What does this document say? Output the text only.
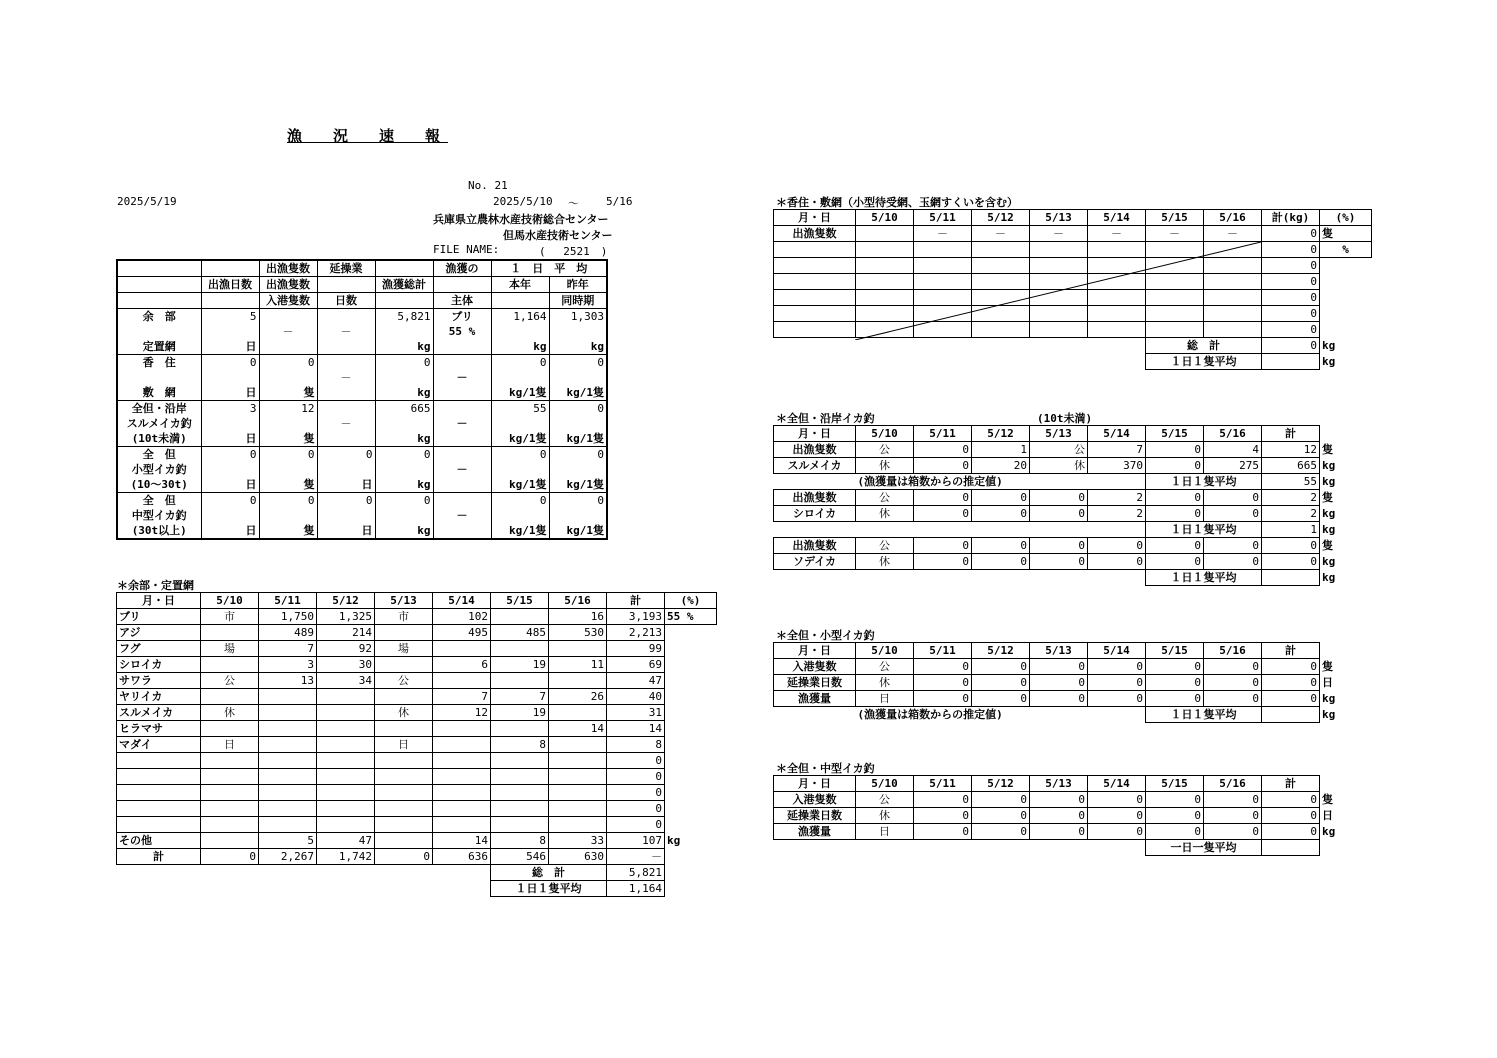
漁　況　速　報
No. 21
2025/5/19	2025/5/10 ～ 5/16
兵庫県立農林水産技術総合センター
但馬水産技術センター
FILE NAME:	(　 2521　)
		出漁隻数	延操業		漁獲の	１　日　平　均	
	出漁日数	出漁隻数		漁獲総計		本年	昨年
		入港隻数	日数		主体		同時期
余　部	5			5,821	ブリ	1,164	1,303
		－	－		55 %		
定置網	日			kg		kg	kg
香　住	0	0		0		0	0
			－		－		
敷　網	日	隻		kg		kg/1隻	kg/1隻
全但・沿岸	3	12		665		55	0
スルメイカ釣			－		－		
(10t未満)	日	隻		kg		kg/1隻	kg/1隻
全　但	0	0	0	0		0	0
小型イカ釣					－		
(10～30t)	日	隻	日	kg		kg/1隻	kg/1隻
全　但	0	0	0	0		0	0
中型イカ釣					－		
(30t以上)	日	隻	日	kg		kg/1隻	kg/1隻
＊余部・定置網
月・日	5/10	5/11	5/12	5/13	5/14	5/15	5/16	計	(%)
ブリ	市	1,750	1,325	市	102		16	3,193	55 %
アジ		489	214		495	485	530	2,213	
フグ	場	7	92	場				99	
シロイカ		3	30		6	19	11	69	
サワラ	公	13	34	公				47	
ヤリイカ					7	7	26	40	
スルメイカ	休			休	12	19		31	
ヒラマサ							14	14	
マダイ	日			日		8		8	
								0	
								0	
								0	
								0	
								0	
その他		5	47		14	8	33	107	kg
計	0	2,267	1,742	0	636	546	630	－	
						総　計		5,821	
						１日１隻平均		1,164	
＊香住・敷網（小型待受網、玉網すくいを含む）
月・日	5/10	5/11	5/12	5/13	5/14	5/15	5/16	計(kg)	(%)
出漁隻数		－	－	－	－	－	－	0	隻
								0	%
								0	
								0	
								0	
								0	
								0	
						総　計		0	kg
						１日１隻平均			kg
＊全但・沿岸イカ釣	(10t未満)
月・日	5/10	5/11	5/12	5/13	5/14	5/15	5/16	計	
出漁隻数	公	0	1	公	7	0	4	12	隻
スルメイカ	休	0	20	休	370	0	275	665	kg
	(漁獲量は箱数からの推定値)					１日１隻平均		55	kg
出漁隻数	公	0	0	0	2	0	0	2	隻
シロイカ	休	0	0	0	2	0	0	2	kg
						１日１隻平均		1	kg
出漁隻数	公	0	0	0	0	0	0	0	隻
ソデイカ	休	0	0	0	0	0	0	0	kg
						１日１隻平均			kg
＊全但・小型イカ釣
月・日	5/10	5/11	5/12	5/13	5/14	5/15	5/16	計	
入港隻数	公	0	0	0	0	0	0	0	隻
延操業日数	休	0	0	0	0	0	0	0	日
漁獲量	日	0	0	0	0	0	0	0	kg
	(漁獲量は箱数からの推定値)					１日１隻平均			kg
＊全但・中型イカ釣
月・日	5/10	5/11	5/12	5/13	5/14	5/15	5/16	計	
入港隻数	公	0	0	0	0	0	0	0	隻
延操業日数	休	0	0	0	0	0	0	0	日
漁獲量	日	0	0	0	0	0	0	0	kg
						一日一隻平均			
